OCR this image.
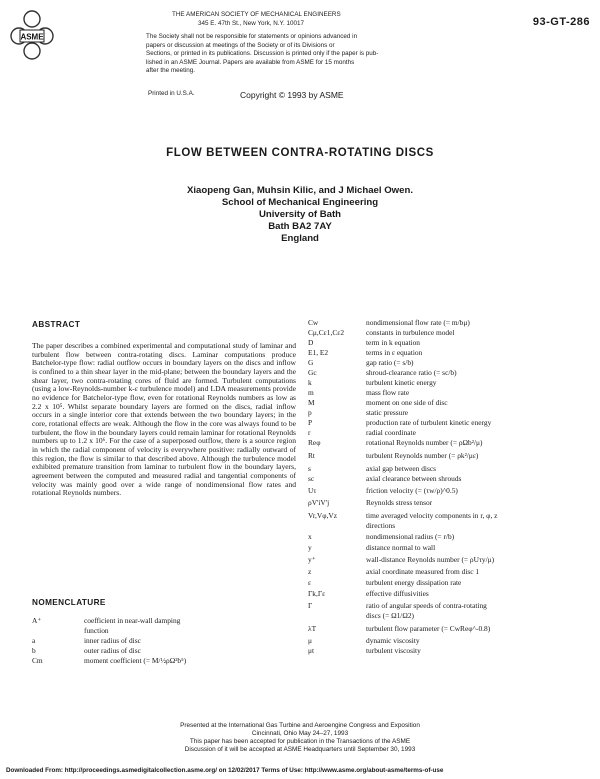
ASME
THE AMERICAN SOCIETY OF MECHANICAL ENGINEERS
345 E. 47th St., New York, N.Y. 10017
The Society shall not be responsible for statements or opinions advanced in
papers or discussion at meetings of the Society or of its Divisions or
Sections, or printed in its publications. Discussion is printed only if the paper is pub-
lished in an ASME Journal. Papers are available from ASME for 15 months
after the meeting.
93-GT-286
Printed in U.S.A.	Copyright © 1993 by ASME
FLOW BETWEEN CONTRA-ROTATING DISCS
Xiaopeng Gan, Muhsin Kilic, and J Michael Owen.
School of Mechanical Engineering
University of Bath
Bath BA2 7AY
England
ABSTRACT

The paper describes a combined experimental and computational study of laminar and turbulent flow between contra-rotating discs. Laminar computations produce Batchelor-type flow: radial outflow occurs in boundary layers on the discs and inflow is confined to a thin shear layer in the mid-plane; between the boundary layers and the shear layer, two contra-rotating cores of fluid are formed. Turbulent computations (using a low-Reynolds-number k-ε turbulence model) and LDA measurements provide no evidence for Batchelor-type flow, even for rotational Reynolds numbers as low as 2.2 x 10⁵. Whilst separate boundary layers are formed on the discs, radial inflow occurs in a single interior core that extends between the two boundary layers; in the core, rotational effects are weak. Although the flow in the core was always found to be turbulent, the flow in the boundary layers could remain laminar for rotational Reynolds numbers up to 1.2 x 10⁶. For the case of a superposed outflow, there is a source region in which the radial component of velocity is everywhere positive: radially outward of this region, the flow is similar to that described above. Although the turbulence model exhibited premature transition from laminar to turbulent flow in the boundary layers, agreement between the computed and measured radial and tangential components of velocity was mainly good over a wide range of nondimensional flow rates and rotational Reynolds numbers.

NOMENCLATURE
A⁺	coefficient in near-wall damping
function
a	inner radius of disc
b	outer radius of disc
Cm	moment coefficient (= M/½ρΩ²b⁵)
Cw	nondimensional flow rate (= m/bμ)
Cμ,Cε1,Cε2	constants in turbulence model
D	term in k equation
E1, E2	terms in ε equation
G	gap ratio (= s/b)
Gc	shroud-clearance ratio (= sc/b)
k	turbulent kinetic energy
m	mass flow rate
M	moment on one side of disc
p	static pressure
P	production rate of turbulent kinetic energy
r	radial coordinate
Reφ	rotational Reynolds number (= ρΩb²/μ)
Rt	turbulent Reynolds number (= ρk²/με)
s	axial gap between discs
sc	axial clearance between shrouds
Uτ	friction velocity (= (τw/ρ)^0.5)
ρV'iV'j	Reynolds stress tensor
Vr,Vφ,Vz	time averaged velocity components in r, φ, z
directions
x	nondimensional radius (= r/b)
y	distance normal to wall
y⁺	wall-distance Reynolds number (= ρUτy/μ)
z	axial coordinate measured from disc 1
ε	turbulent energy dissipation rate
Γk,Γε	effective diffusivities
Γ	ratio of angular speeds of contra-rotating
discs (= Ω1/Ω2)
λT	turbulent flow parameter (= CwReφ^-0.8)
μ	dynamic viscosity
μt	turbulent viscosity
Presented at the International Gas Turbine and Aeroengine Congress and Exposition
Cincinnati, Ohio May 24–27, 1993
This paper has been accepted for publication in the Transactions of the ASME
Discussion of it will be accepted at ASME Headquarters until September 30, 1993
Downloaded From: http://proceedings.asmedigitalcollection.asme.org/ on 12/02/2017 Terms of Use: http://www.asme.org/about-asme/terms-of-use
